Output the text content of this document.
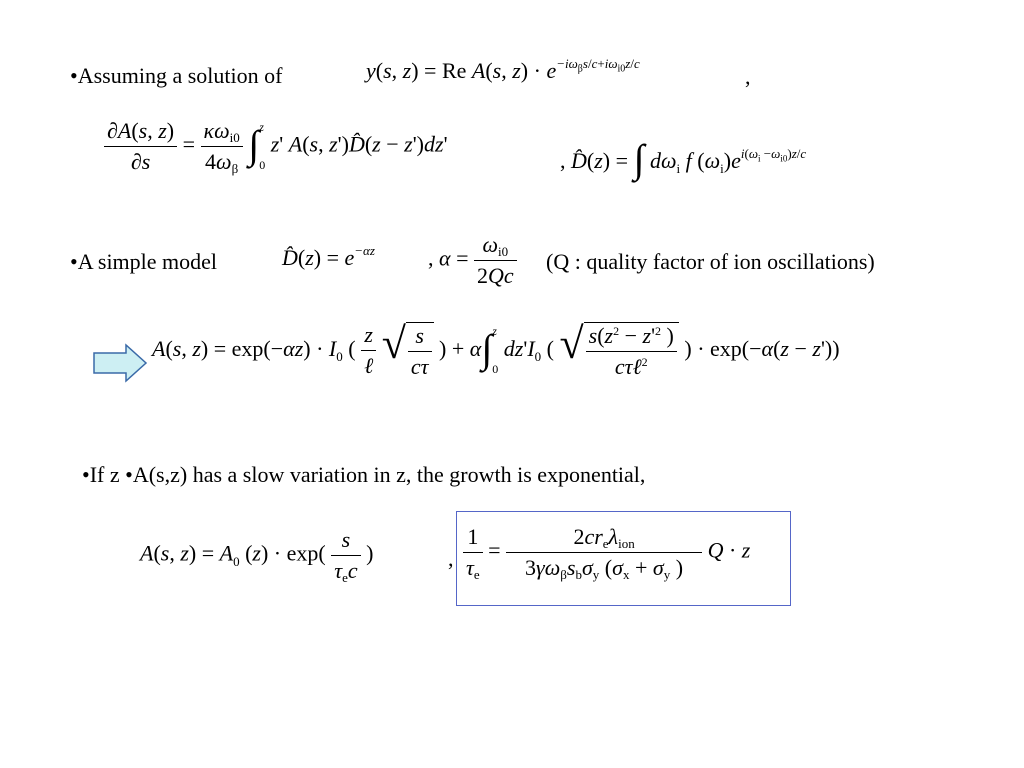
•Assuming a solution of	y(s, z) = Re A(s, $z) \cdot e^{-i\omega_\beta s/c+i\omega_{i0}z/c}$
,
$\frac{\partial A(s, z)}{\partial s} = \frac{\text{κωi0}}{4\omega\beta}$ ∫ z
0
z' A(s, z')D̂(z − z')dz'
, D̂(z) = ∫ $d\omega_i$ f $(\omega_i)e^{i(\omega_i -\omega_{i0})z/c}$
•A simple model	D̂(z) = $e^{-\alpha z}$ , $\alpha = \frac{\omega i0}{2Qc} (Q$ : quality factor of ion oscillations)
A(s, $z) = \exp(-\alpha z) \cdot I_0$ ( $\frac{z}{\text{ℓ}}$ √ $\frac{s}{c\tau}$ ) + α∫ z
0
$dz'I_0$ ( √ $\frac{s(z^2 - z'^2 )}{c\tau\ell^2}$ ) · exp(−α(z − z'))
•If z •A(s,z) has a slow variation in z, the growth is exponential,
A(s, $z) = A_0$ $(z) \cdot \exp( \frac{s}{\text{τec}}$ )	, $\frac{1}{\tau e} = \frac{\text{2creλion}}{\text{3γωβsbσy (σx + σy )}}$ Q · z
